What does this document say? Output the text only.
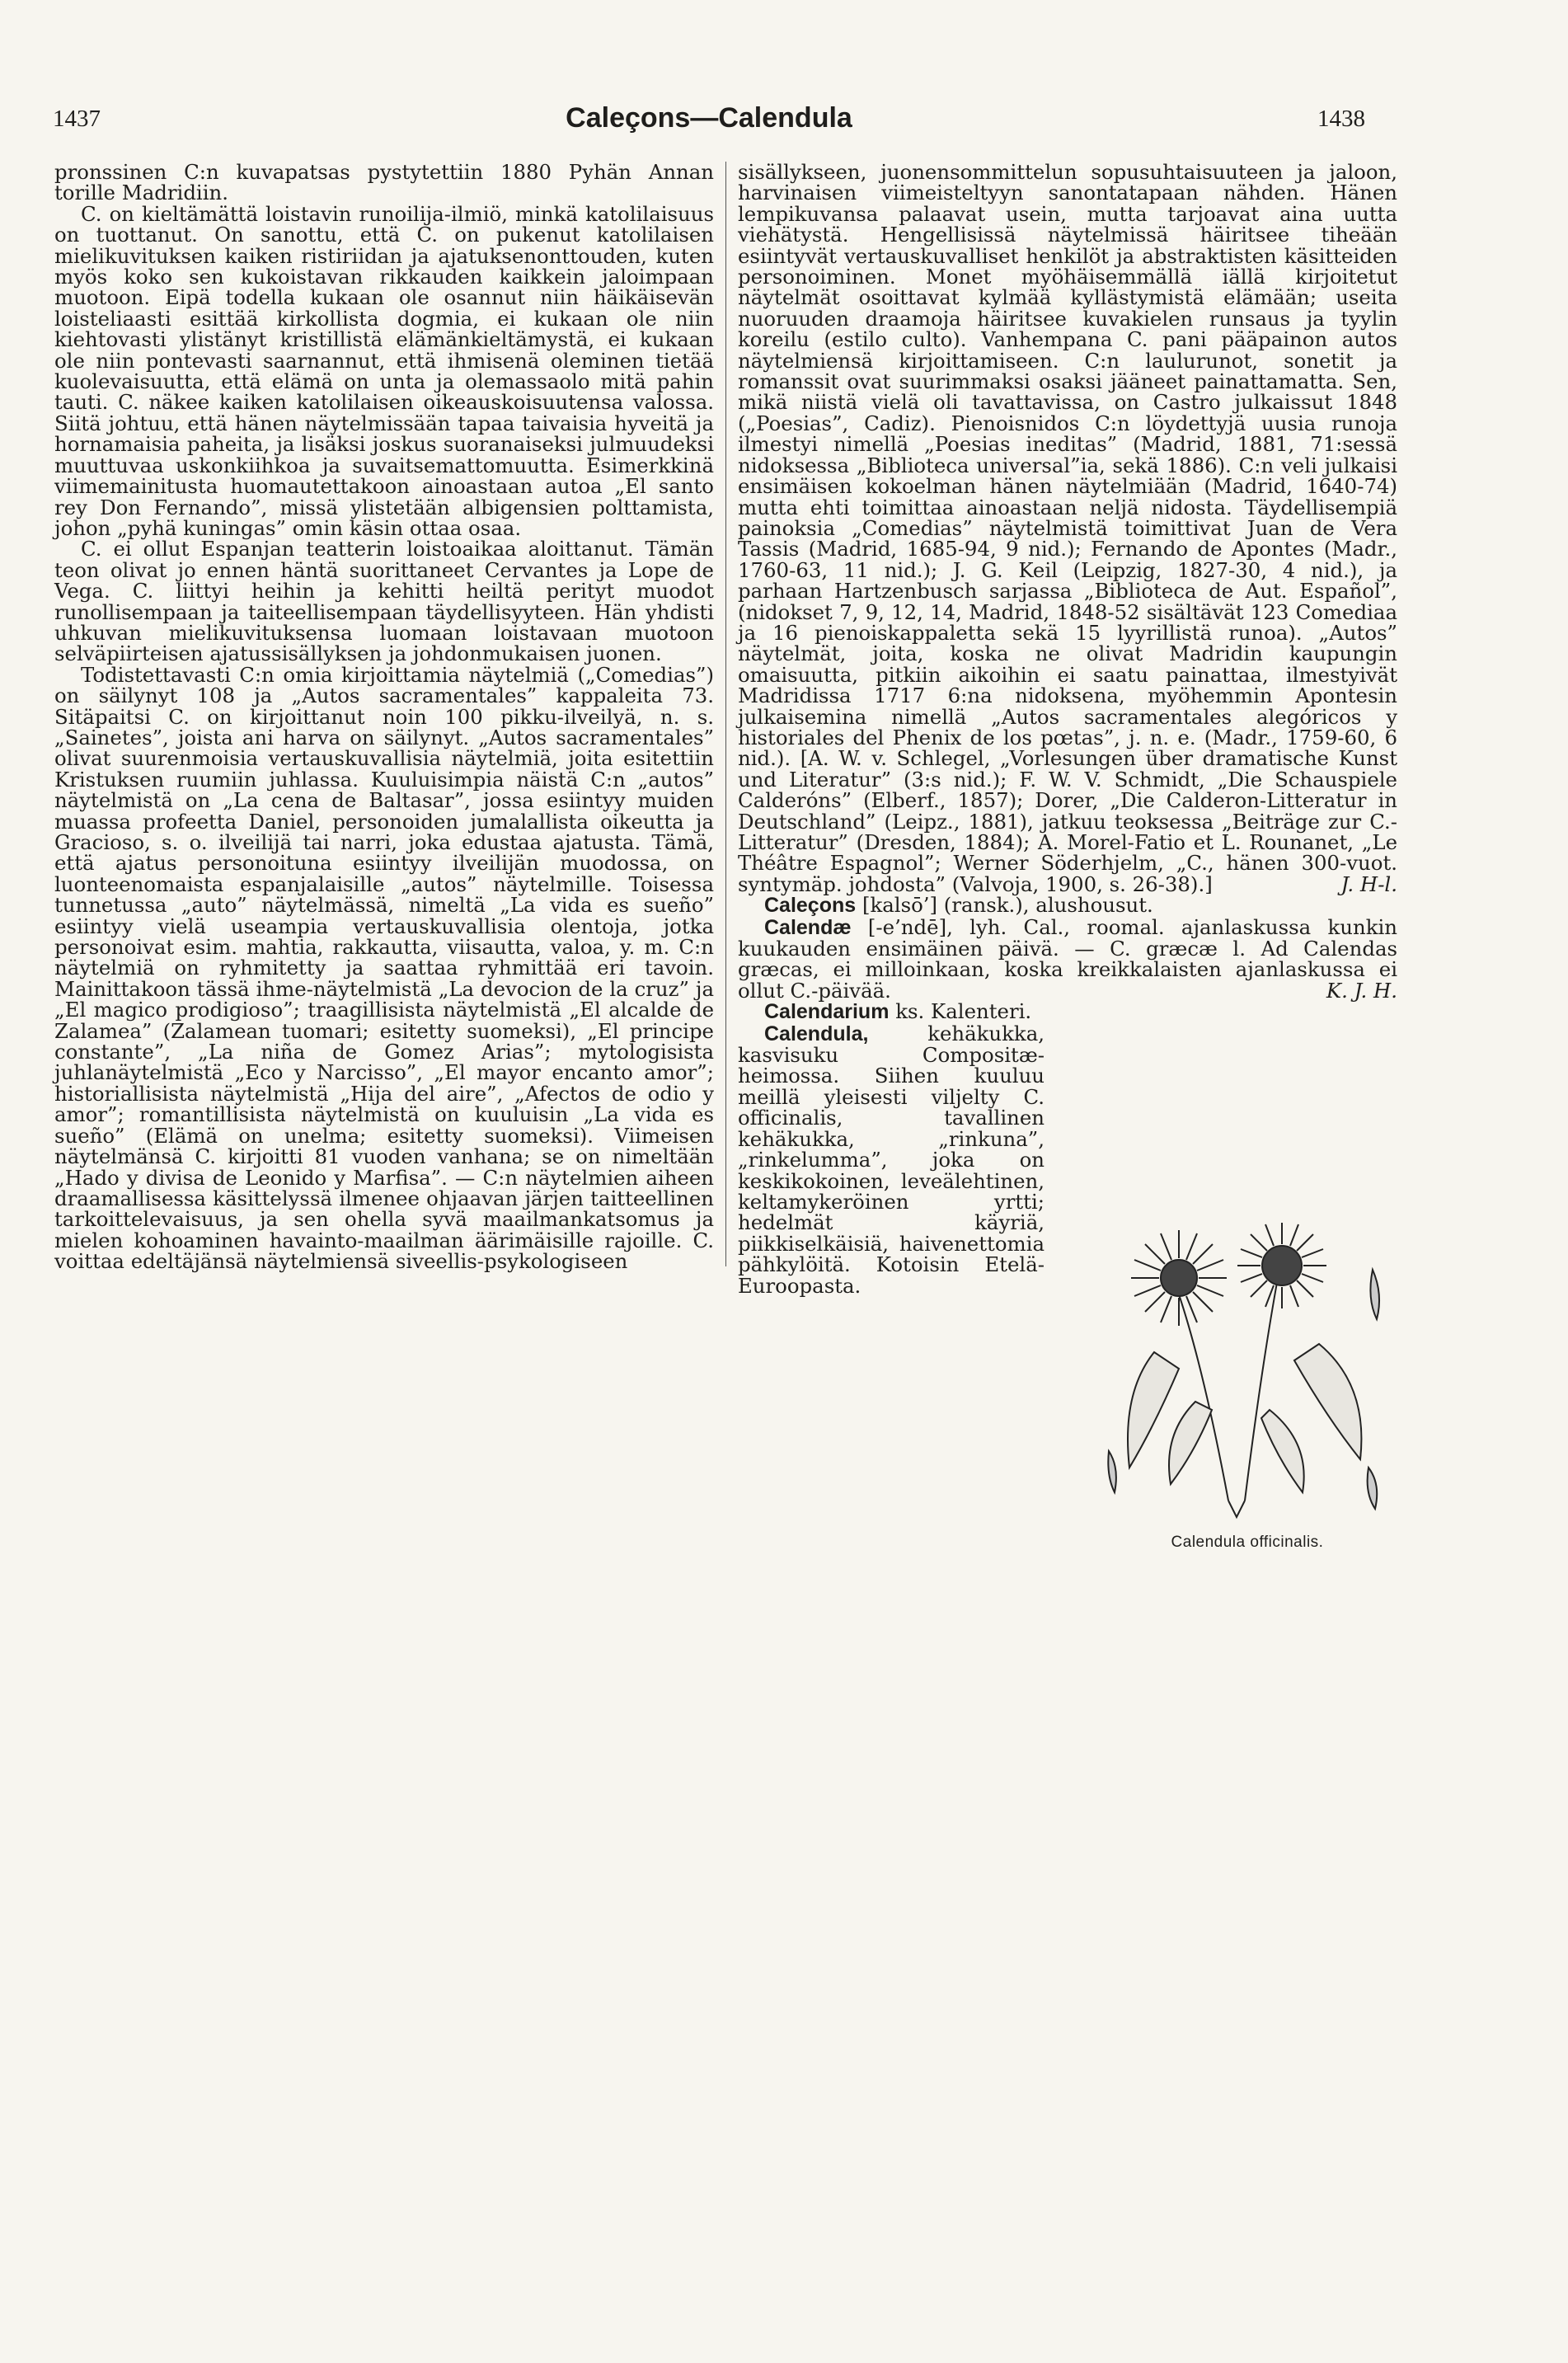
1437	Caleçons—Calendula	1438

pronssinen C:n kuvapatsas pystytettiin 1880 Pyhän Annan torille Madridiin.

C. on kieltämättä loistavin runoilija-ilmiö, minkä katolilaisuus on tuottanut. On sanottu, että C. on pukenut katolilaisen mielikuvituksen kaiken ristiriidan ja ajatuksenonttouden, kuten myös koko sen kukoistavan rikkauden kaikkein jaloimpaan muotoon. Eipä todella kukaan ole osannut niin häikäisevän loisteliaasti esittää kirkollista dogmia, ei kukaan ole niin kiehtovasti ylistänyt kristillistä elämänkieltämystä, ei kukaan ole niin pontevasti saarnannut, että ihmisenä oleminen tietää kuolevaisuutta, että elämä on unta ja olemassaolo mitä pahin tauti. C. näkee kaiken katolilaisen oikeauskoisuutensa valossa. Siitä johtuu, että hänen näytelmissään tapaa taivaisia hyveitä ja hornamaisia paheita, ja lisäksi joskus suoranaiseksi julmuudeksi muuttuvaa uskonkiihkoa ja suvaitsemattomuutta. Esimerkkinä viimemainitusta huomautettakoon ainoastaan autoa „El santo rey Don Fernando”, missä ylistetään albigensien polttamista, johon „pyhä kuningas” omin käsin ottaa osaa.

C. ei ollut Espanjan teatterin loistoaikaa aloittanut. Tämän teon olivat jo ennen häntä suorittaneet Cervantes ja Lope de Vega. C. liittyi heihin ja kehitti heiltä perityt muodot runollisempaan ja taiteellisempaan täydellisyyteen. Hän yhdisti uhkuvan mielikuvituksensa luomaan loistavaan muotoon selväpiirteisen ajatussisällyksen ja johdonmukaisen juonen.

Todistettavasti C:n omia kirjoittamia näytelmiä („Comedias”) on säilynyt 108 ja „Autos sacramentales” kappaleita 73. Sitäpaitsi C. on kirjoittanut noin 100 pikku-ilveilyä, n. s. „Sainetes”, joista ani harva on säilynyt. „Autos sacramentales” olivat suurenmoisia vertauskuvallisia näytelmiä, joita esitettiin Kristuksen ruumiin juhlassa. Kuuluisimpia näistä C:n „autos” näytelmistä on „La cena de Baltasar”, jossa esiintyy muiden muassa profeetta Daniel, personoiden jumalallista oikeutta ja Gracioso, s. o. ilveilijä tai narri, joka edustaa ajatusta. Tämä, että ajatus personoituna esiintyy ilveilijän muodossa, on luonteenomaista espanjalaisille „autos” näytelmille. Toisessa tunnetussa „auto” näytelmässä, nimeltä „La vida es sueño” esiintyy vielä useampia vertauskuvallisia olentoja, jotka personoivat esim. mahtia, rakkautta, viisautta, valoa, y. m. C:n näytelmiä on ryhmitetty ja saattaa ryhmittää eri tavoin. Mainittakoon tässä ihme-näytelmistä „La devocion de la cruz” ja „El magico prodigioso”; traagillisista näytelmistä „El alcalde de Zalamea” (Zalamean tuomari; esitetty suomeksi), „El principe constante”, „La niña de Gomez Arias”; mytologisista juhlanäytelmistä „Eco y Narcisso”, „El mayor encanto amor”; historiallisista näytelmistä „Hija del aire”, „Afectos de odio y amor”; romantillisista näytelmistä on kuuluisin „La vida es sueño” (Elämä on unelma; esitetty suomeksi). Viimeisen näytelmänsä C. kirjoitti 81 vuoden vanhana; se on nimeltään „Hado y divisa de Leonido y Marfisa”. — C:n näytelmien aiheen draamallisessa käsittelyssä ilmenee ohjaavan järjen taitteellinen tarkoittelevaisuus, ja sen ohella syvä maailmankatsomus ja mielen kohoaminen havainto-maailman äärimäisille rajoille. C. voittaa edeltäjänsä näytelmiensä siveellis-psykologiseen

sisällykseen, juonensommittelun sopusuhtaisuuteen ja jaloon, harvinaisen viimeisteltyyn sanontatapaan nähden. Hänen lempikuvansa palaavat usein, mutta tarjoavat aina uutta viehätystä. Hengellisissä näytelmissä häiritsee tiheään esiintyvät vertauskuvalliset henkilöt ja abstraktisten käsitteiden personoiminen. Monet myöhäisemmällä iällä kirjoitetut näytelmät osoittavat kylmää kyllästymistä elämään; useita nuoruuden draamoja häiritsee kuvakielen runsaus ja tyylin koreilu (estilo culto). Vanhempana C. pani pääpainon autos näytelmiensä kirjoittamiseen. C:n laulurunot, sonetit ja romanssit ovat suurimmaksi osaksi jääneet painattamatta. Sen, mikä niistä vielä oli tavattavissa, on Castro julkaissut 1848 („Poesias”, Cadiz). Pienoisnidos C:n löydettyjä uusia runoja ilmestyi nimellä „Poesias ineditas” (Madrid, 1881, 71:sessä nidoksessa „Biblioteca universal”ia, sekä 1886). C:n veli julkaisi ensimäisen kokoelman hänen näytelmiään (Madrid, 1640-74) mutta ehti toimittaa ainoastaan neljä nidosta. Täydellisempiä painoksia „Comedias” näytelmistä toimittivat Juan de Vera Tassis (Madrid, 1685-94, 9 nid.); Fernando de Apontes (Madr., 1760-63, 11 nid.); J. G. Keil (Leipzig, 1827-30, 4 nid.), ja parhaan Hartzenbusch sarjassa „Biblioteca de Aut. Español”, (nidokset 7, 9, 12, 14, Madrid, 1848-52 sisältävät 123 Comediaa ja 16 pienoiskappaletta sekä 15 lyyrillistä runoa). „Autos” näytelmät, joita, koska ne olivat Madridin kaupungin omaisuutta, pitkiin aikoihin ei saatu painattaa, ilmestyivät Madridissa 1717 6:na nidoksena, myöhemmin Apontesin julkaisemina nimellä „Autos sacramentales alegóricos y historiales del Phenix de los pœtas”, j. n. e. (Madr., 1759-60, 6 nid.). [A. W. v. Schlegel, „Vorlesungen über dramatische Kunst und Literatur” (3:s nid.); F. W. V. Schmidt, „Die Schauspiele Calderóns” (Elberf., 1857); Dorer, „Die Calderon-Litteratur in Deutschland” (Leipz., 1881), jatkuu teoksessa „Beiträge zur C.-Litteratur” (Dresden, 1884); A. Morel-Fatio et L. Rounanet, „Le Théâtre Espagnol”; Werner Söderhjelm, „C., hänen 300-vuot. syntymäp. johdosta” (Valvoja, 1900, s. 26-38).]	J. H-l.

Caleçons [kalsō’] (ransk.), alushousut.

Calendæ [-e’ndē], lyh. Cal., roomal. ajanlaskussa kunkin kuukauden ensimäinen päivä. — C. græcæ l. Ad Calendas græcas, ei milloinkaan, koska kreikkalaisten ajanlaskussa ei ollut C.-päivää.	K. J. H.

Calendarium ks. Kalenteri.

Calendula,	kehäkukka, kasvisuku Compositæ-heimossa. Siihen kuuluu meillä yleisesti viljelty C. officinalis, tavallinen kehäkukka, „rinkuna”, „rinkelumma”, joka on keskikokoinen, leveälehtinen, keltamykeröinen yrtti; hedelmät käyriä, piikkiselkäisiä, haivenettomia pähkylöitä. Kotoisin Etelä-Euroopasta.

Calendula officinalis.
